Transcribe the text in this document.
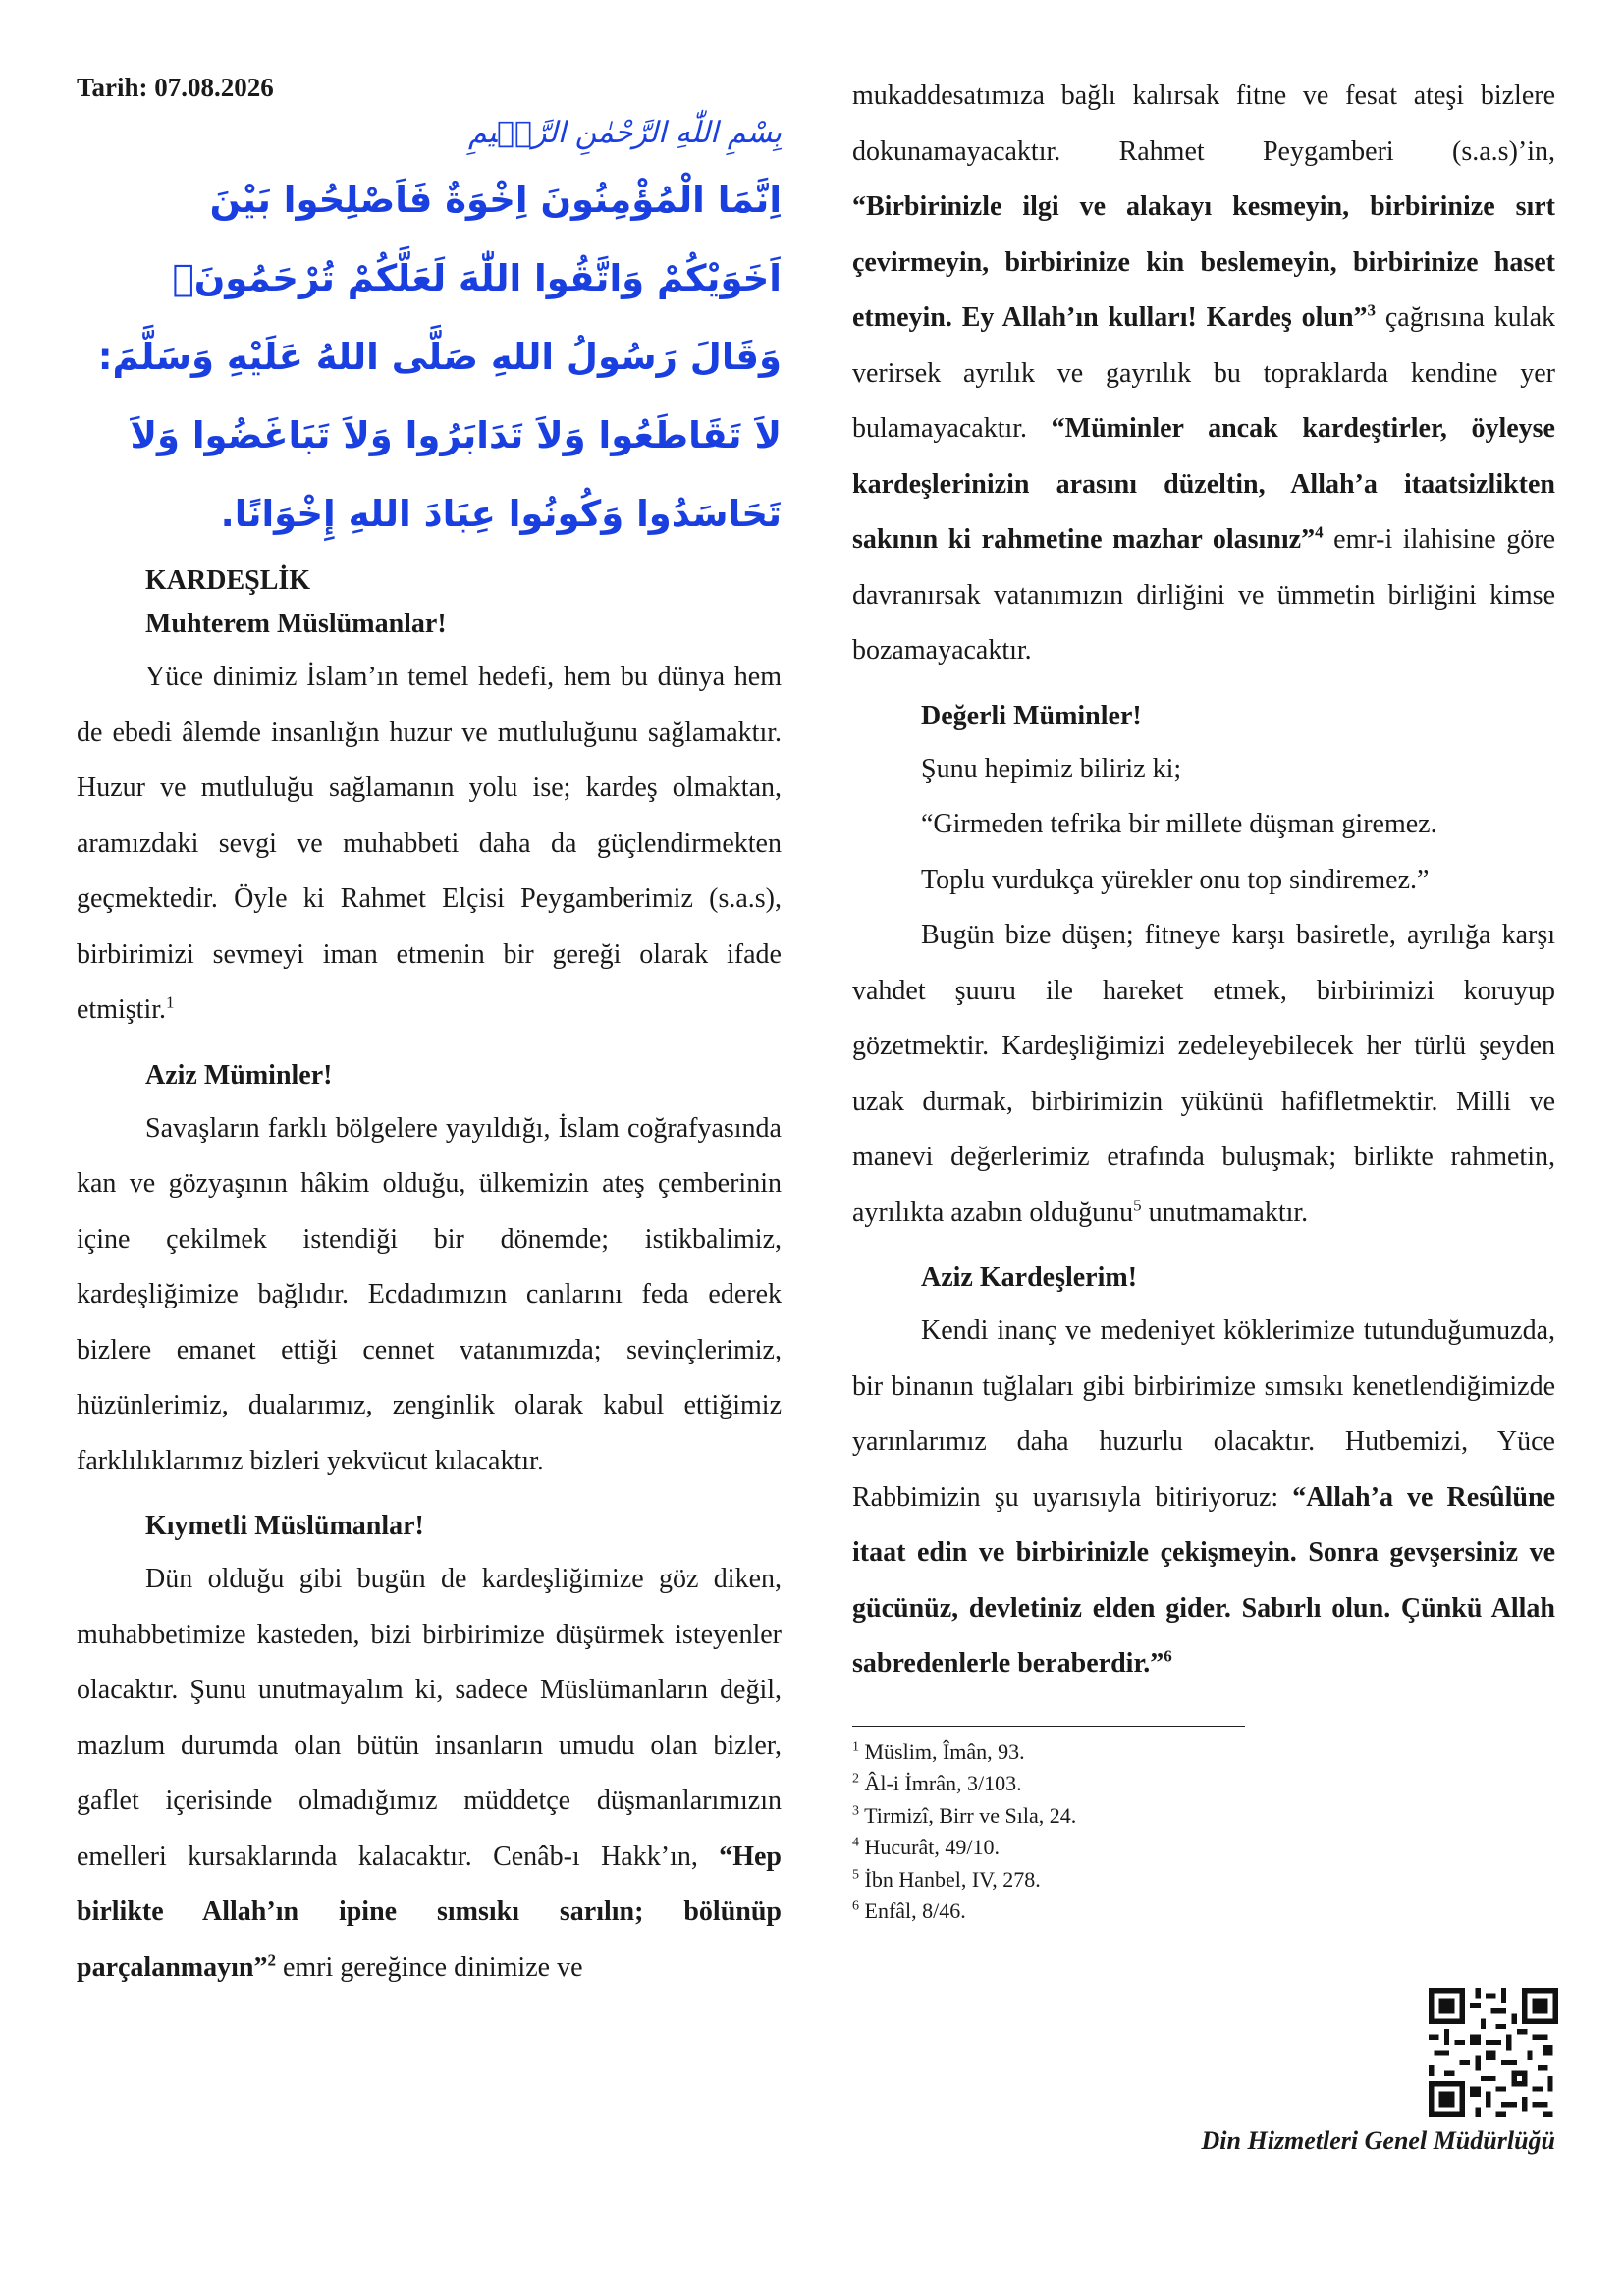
Tarih: 07.08.2026
بِسْمِ اللّٰهِ الرَّحْمٰنِ الرَّح۪يمِ

اِنَّمَا الْمُؤْمِنُونَ اِخْوَةٌ فَاَصْلِحُوا بَيْنَ اَخَوَيْكُمْ وَاتَّقُوا اللّٰهَ لَعَلَّكُمْ تُرْحَمُونَ۟

وَقَالَ رَسُولُ اللهِ صَلَّى اللهُ عَلَيْهِ وَسَلَّمَ:

لاَ تَقَاطَعُوا وَلاَ تَدَابَرُوا وَلاَ تَبَاغَضُوا وَلاَ تَحَاسَدُوا وَكُونُوا عِبَادَ اللهِ إِخْوَانًا.

KARDEŞLİK
Muhterem Müslümanlar!

Yüce dinimiz İslam’ın temel hedefi, hem bu dünya hem de ebedi âlemde insanlığın huzur ve mutluluğunu sağlamaktır. Huzur ve mutluluğu sağlamanın yolu ise; kardeş olmaktan, aramızdaki sevgi ve muhabbeti daha da güçlendirmekten geçmektedir. Öyle ki Rahmet Elçisi Peygamberimiz (s.a.s), birbirimizi sevmeyi iman etmenin bir gereği olarak ifade etmiştir.$^1$

Aziz Müminler!

Savaşların farklı bölgelere yayıldığı, İslam coğrafyasında kan ve gözyaşının hâkim olduğu, ülkemizin ateş çemberinin içine çekilmek istendiği bir dönemde; istikbalimiz, kardeşliğimize bağlıdır. Ecdadımızın canlarını feda ederek bizlere emanet ettiği cennet vatanımızda; sevinçlerimiz, hüzünlerimiz, dualarımız, zenginlik olarak kabul ettiğimiz farklılıklarımız bizleri yekvücut kılacaktır.

Kıymetli Müslümanlar!

Dün olduğu gibi bugün de kardeşliğimize göz diken, muhabbetimize kasteden, bizi birbirimize düşürmek isteyenler olacaktır. Şunu unutmayalım ki, sadece Müslümanların değil, mazlum durumda olan bütün insanların umudu olan bizler, gaflet içerisinde olmadığımız müddetçe düşmanlarımızın emelleri kursaklarında kalacaktır. Cenâb-ı Hakk’ın, “Hep birlikte Allah’ın ipine sımsıkı sarılın; bölünüp parçalanmayın”$^2$ emri gereğince dinimize ve

mukaddesatımıza bağlı kalırsak fitne ve fesat ateşi bizlere dokunamayacaktır. Rahmet Peygamberi (s.a.s)’in, “Birbirinizle ilgi ve alakayı kesmeyin, birbirinize sırt çevirmeyin, birbirinize kin beslemeyin, birbirinize haset etmeyin. Ey Allah’ın kulları! Kardeş olun”$^3$ çağrısına kulak verirsek ayrılık ve gayrılık bu topraklarda kendine yer bulamayacaktır. “Müminler ancak kardeştirler, öyleyse kardeşlerinizin arasını düzeltin, Allah’a itaatsizlikten sakının ki rahmetine mazhar olasınız”$^4$ emr-i ilahisine göre davranırsak vatanımızın dirliğini ve ümmetin birliğini kimse bozamayacaktır.

Değerli Müminler!

Şunu hepimiz biliriz ki;

“Girmeden tefrika bir millete düşman giremez.

Toplu vurdukça yürekler onu top sindiremez.”

Bugün bize düşen; fitneye karşı basiretle, ayrılığa karşı vahdet şuuru ile hareket etmek, birbirimizi koruyup gözetmektir. Kardeşliğimizi zedeleyebilecek her türlü şeyden uzak durmak, birbirimizin yükünü hafifletmektir. Milli ve manevi değerlerimiz etrafında buluşmak; birlikte rahmetin, ayrılıkta azabın olduğunu$^5$ unutmamaktır.

Aziz Kardeşlerim!

Kendi inanç ve medeniyet köklerimize tutunduğumuzda, bir binanın tuğlaları gibi birbirimize sımsıkı kenetlendiğimizde yarınlarımız daha huzurlu olacaktır. Hutbemizi, Yüce Rabbimizin şu uyarısıyla bitiriyoruz: “Allah’a ve Resûlüne itaat edin ve birbirinizle çekişmeyin. Sonra gevşersiniz ve gücünüz, devletiniz elden gider. Sabırlı olun. Çünkü Allah sabredenlerle beraberdir.”$^6$

$^1$ Müslim, Îmân, 93.
$^2$ Âl-i İmrân, 3/103.
$^3$ Tirmizî, Birr ve Sıla, 24.
$^4$ Hucurât, 49/10.
$^5$ İbn Hanbel, IV, 278.
$^6$ Enfâl, 8/46.
Din Hizmetleri Genel Müdürlüğü
